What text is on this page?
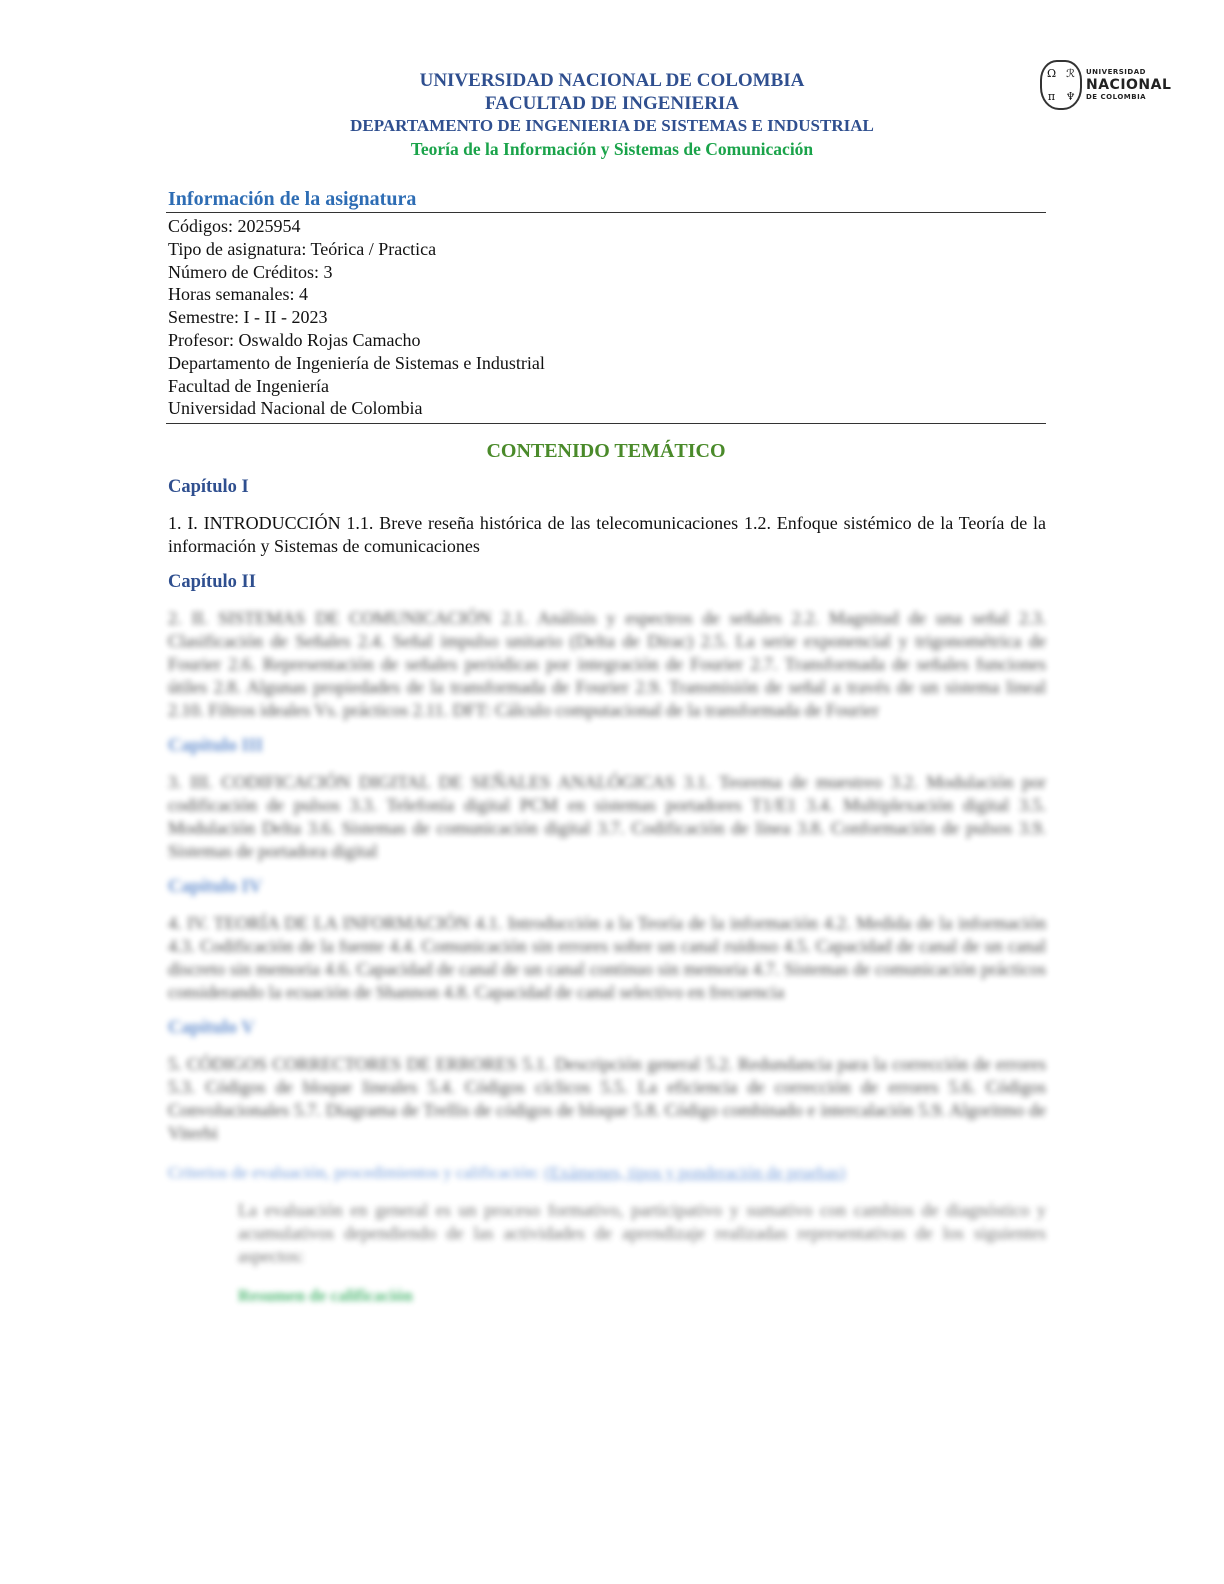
UNIVERSIDAD NACIONAL DE COLOMBIA
FACULTAD DE INGENIERIA
DEPARTAMENTO DE INGENIERIA DE SISTEMAS E INDUSTRIAL
Teoría de la Información y Sistemas de Comunicación
Ω ℛ
π ♆
UNIVERSIDAD
NACIONAL
DE COLOMBIA
Información de la asignatura
Códigos: 2025954
Tipo de asignatura: Teórica / Practica
Número de Créditos: 3
Horas semanales: 4
Semestre: I - II - 2023
Profesor: Oswaldo Rojas Camacho
Departamento de Ingeniería de Sistemas e Industrial
Facultad de Ingeniería
Universidad Nacional de Colombia
CONTENIDO TEMÁTICO
Capítulo I
1. I. INTRODUCCIÓN 1.1. Breve reseña histórica de las telecomunicaciones 1.2. Enfoque sistémico de la Teoría de la información y Sistemas de comunicaciones
Capítulo II
2. II. SISTEMAS DE COMUNICACIÓN 2.1. Análisis y espectros de señales 2.2. Magnitud de una señal 2.3. Clasificación de Señales 2.4. Señal impulso unitario (Delta de Dirac) 2.5. La serie exponencial y trigonométrica de Fourier 2.6. Representación de señales periódicas por integración de Fourier 2.7. Transformada de señales funciones útiles 2.8. Algunas propiedades de la transformada de Fourier 2.9. Transmisión de señal a través de un sistema lineal 2.10. Filtros ideales Vs. prácticos 2.11. DFT: Cálculo computacional de la transformada de Fourier
Capítulo III
3. III. CODIFICACIÓN DIGITAL DE SEÑALES ANALÓGICAS 3.1. Teorema de muestreo 3.2. Modulación por codificación de pulsos 3.3. Telefonía digital PCM en sistemas portadores T1/E1 3.4. Multiplexación digital 3.5. Modulación Delta 3.6. Sistemas de comunicación digital 3.7. Codificación de línea 3.8. Conformación de pulsos 3.9. Sistemas de portadora digital
Capítulo IV
4. IV. TEORÍA DE LA INFORMACIÓN 4.1. Introducción a la Teoría de la información 4.2. Medida de la información 4.3. Codificación de la fuente 4.4. Comunicación sin errores sobre un canal ruidoso 4.5. Capacidad de canal de un canal discreto sin memoria 4.6. Capacidad de canal de un canal continuo sin memoria 4.7. Sistemas de comunicación prácticos considerando la ecuación de Shannon 4.8. Capacidad de canal selectivo en frecuencia
Capítulo V
5. CÓDIGOS CORRECTORES DE ERRORES 5.1. Descripción general 5.2. Redundancia para la corrección de errores 5.3. Códigos de bloque lineales 5.4. Códigos cíclicos 5.5. La eficiencia de corrección de errores 5.6. Códigos Convolucionales 5.7. Diagrama de Trellis de códigos de bloque 5.8. Código combinado e intercalación 5.9. Algoritmo de Viterbi
Criterios de evaluación, procedimientos y calificación: (Exámenes, tipos y ponderación de pruebas)
La evaluación en general es un proceso formativo, participativo y sumativo con cambios de diagnóstico y acumulativos dependiendo de las actividades de aprendizaje realizadas representativas de los siguientes aspectos:
Resumen de calificación
